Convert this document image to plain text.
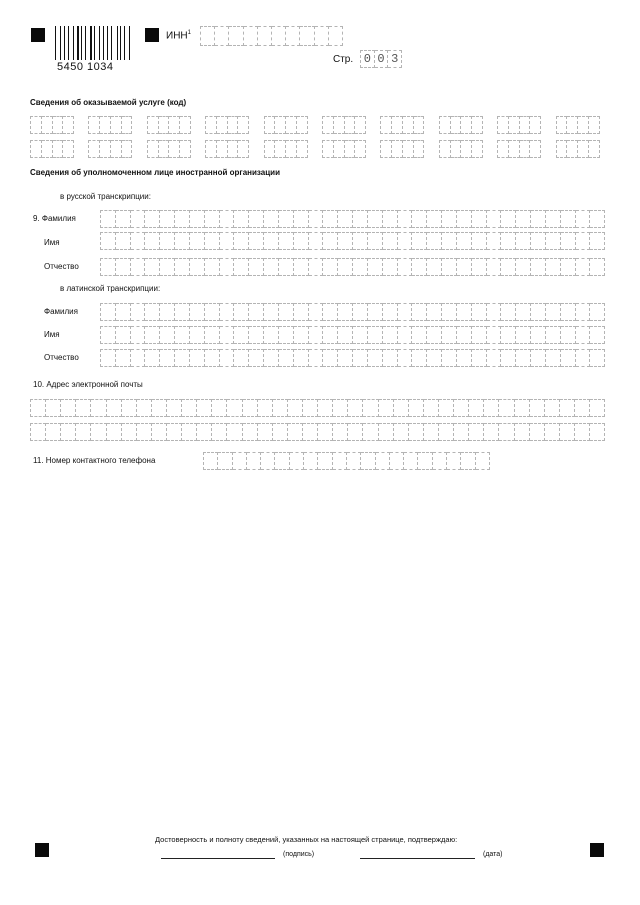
5450 1034
ИНН$^1$
Стр. 0 0 3
Сведения об оказываемой услуге (код)
Сведения об уполномоченном лице иностранной организации
в русской транскрипции:
9. Фамилия
Имя
Отчество
в латинской транскрипции:
Фамилия
Имя
Отчество
10. Адрес электронной почты
11. Номер контактного телефона
Достоверность и полноту сведений, указанных на настоящей странице, подтверждаю:
(подпись)	(дата)
